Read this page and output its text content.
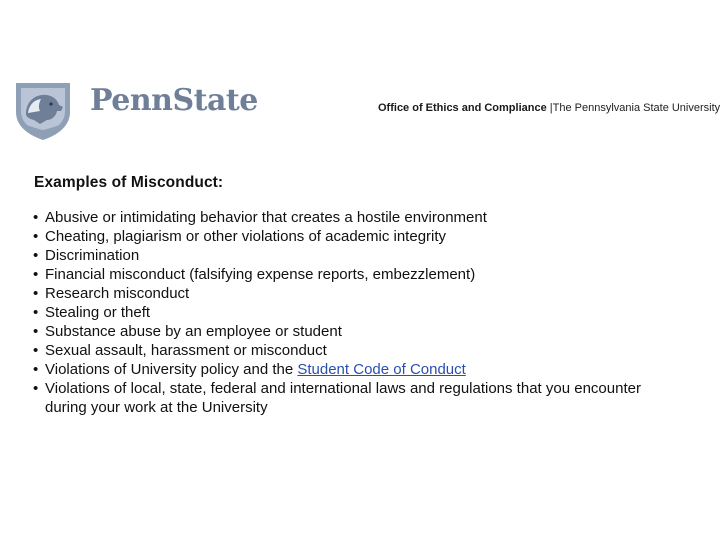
PennState	Office of Ethics and Compliance |The Pennsylvania State University
Examples of Misconduct:
• Abusive or intimidating behavior that creates a hostile environment
• Cheating, plagiarism or other violations of academic integrity
• Discrimination
• Financial misconduct (falsifying expense reports, embezzlement)
• Research misconduct
• Stealing or theft
• Substance abuse by an employee or student
• Sexual assault, harassment or misconduct
• Violations of University policy and the Student Code of Conduct
• Violations of local, state, federal and international laws and regulations that you encounter
during your work at the University
